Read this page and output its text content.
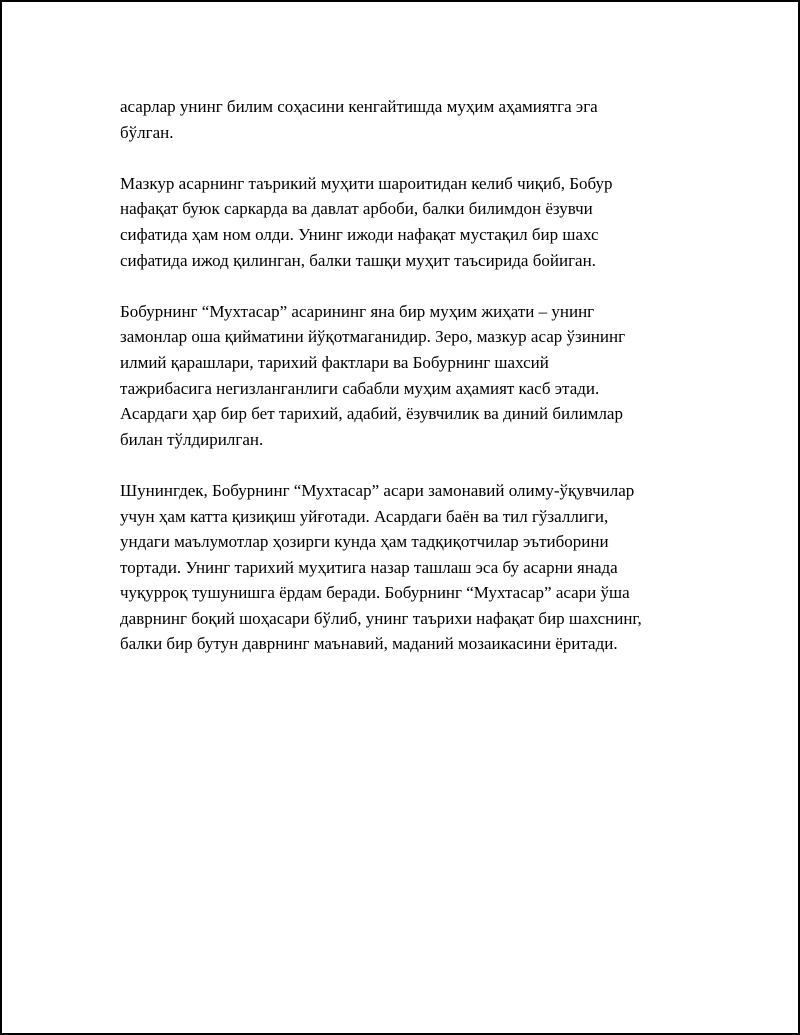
асарлар унинг билим соҳасини кенгайтишда муҳим аҳамиятга эга
бўлган.

Мазкур асарнинг таърикий муҳити шароитидан келиб чиқиб, Бобур
нафақат буюк саркарда ва давлат арбоби, балки билимдон ёзувчи
сифатида ҳам ном олди. Унинг ижоди нафақат мустақил бир шахс
сифатида ижод қилинган, балки ташқи муҳит таъсирида бойиган.

Бобурнинг “Мухтасар” асарининг яна бир муҳим жиҳати – унинг
замонлар оша қийматини йўқотмаганидир. Зеро, мазкур асар ўзининг
илмий қарашлари, тарихий фактлари ва Бобурнинг шахсий
тажрибасига негизланганлиги сабабли муҳим аҳамият касб этади.
Асардаги ҳар бир бет тарихий, адабий, ёзувчилик ва диний билимлар
билан тўлдирилган.

Шунингдек, Бобурнинг “Мухтасар” асари замонавий олиму-ўқувчилар
учун ҳам катта қизиқиш уйғотади. Асардаги баён ва тил гўзаллиги,
ундаги маълумотлар ҳозирги кунда ҳам тадқиқотчилар эътиборини
тортади. Унинг тарихий муҳитига назар ташлаш эса бу асарни янада
чуқурроқ тушунишга ёрдам беради. Бобурнинг “Мухтасар” асари ўша
даврнинг боқий шоҳасари бўлиб, унинг таърихи нафақат бир шахснинг,
балки бир бутун даврнинг маънавий, маданий мозаикасини ёритади.
